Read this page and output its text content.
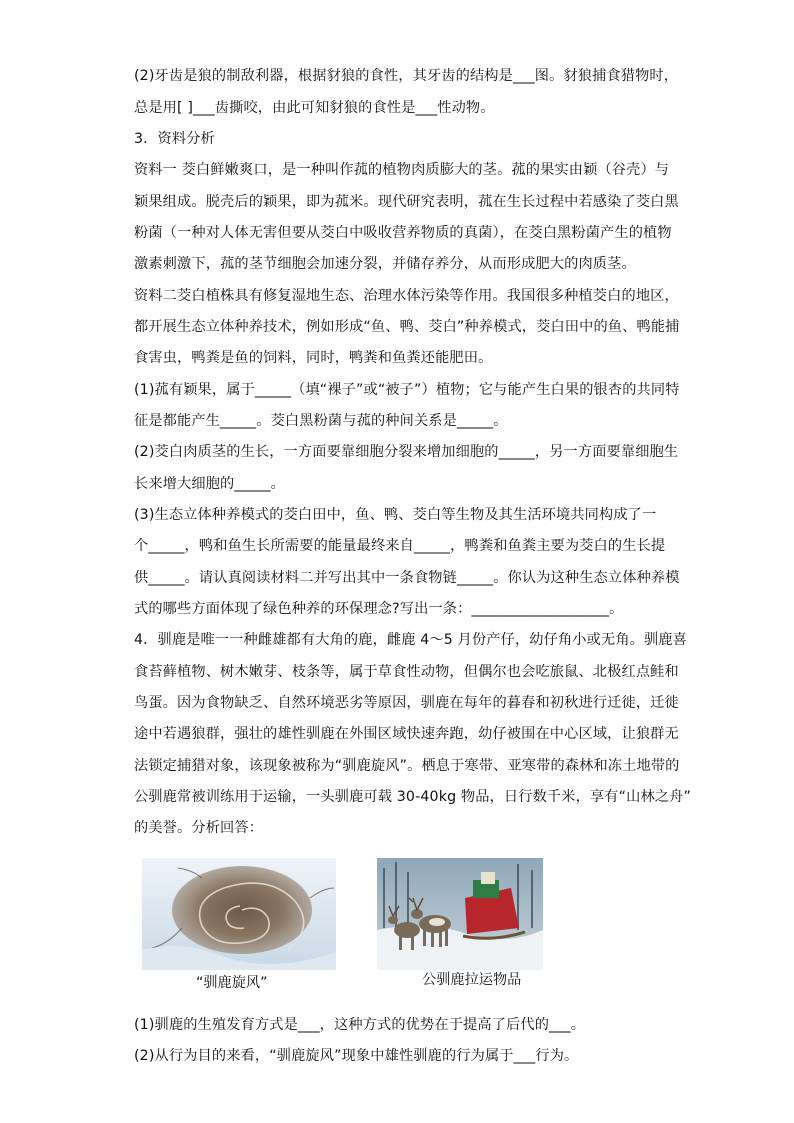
(2)牙齿是狼的制敌利器，根据豺狼的食性，其牙齿的结构是___图。豺狼捕食猎物时，
总是用[ ]___齿撕咬，由此可知豺狼的食性是___性动物。
3．资料分析
资料一 茭白鲜嫩爽口，是一种叫作菰的植物肉质膨大的茎。菰的果实由颖（谷壳）与
颖果组成。脱壳后的颖果，即为菰米。现代研究表明，菰在生长过程中若感染了茭白黑
粉菌（一种对人体无害但要从茭白中吸收营养物质的真菌），在茭白黑粉菌产生的植物
激素刺激下，菰的茎节细胞会加速分裂，并储存养分，从而形成肥大的肉质茎。
资料二茭白植株具有修复湿地生态、治理水体污染等作用。我国很多种植茭白的地区，
都开展生态立体种养技术，例如形成“鱼、鸭、茭白”种养模式，茭白田中的鱼、鸭能捕
食害虫，鸭粪是鱼的饲料，同时，鸭粪和鱼粪还能肥田。
(1)菰有颖果，属于_____（填“裸子”或“被子”）植物；它与能产生白果的银杏的共同特
征是都能产生_____。茭白黑粉菌与菰的种间关系是_____。
(2)茭白肉质茎的生长，一方面要靠细胞分裂来增加细胞的_____，另一方面要靠细胞生
长来增大细胞的_____。
(3)生态立体种养模式的茭白田中，鱼、鸭、茭白等生物及其生活环境共同构成了一
个_____，鸭和鱼生长所需要的能量最终来自_____，鸭粪和鱼粪主要为茭白的生长提
供_____。请认真阅读材料二并写出其中一条食物链_____。你认为这种生态立体种养模
式的哪些方面体现了绿色种养的环保理念?写出一条：___________________。
4．驯鹿是唯一一种雌雄都有大角的鹿，雌鹿 4～5 月份产仔，幼仔角小或无角。驯鹿喜
食苔藓植物、树木嫩芽、枝条等，属于草食性动物，但偶尔也会吃旅鼠、北极红点鲑和
鸟蛋。因为食物缺乏、自然环境恶劣等原因，驯鹿在每年的暮春和初秋进行迁徙，迁徙
途中若遇狼群，强壮的雄性驯鹿在外围区域快速奔跑，幼仔被围在中心区域，让狼群无
法锁定捕猎对象，该现象被称为“驯鹿旋风”。栖息于寒带、亚寒带的森林和冻土地带的
公驯鹿常被训练用于运输，一头驯鹿可载 30-40kg 物品，日行数千米，享有“山林之舟”
的美誉。分析回答：
“驯鹿旋风”	公驯鹿拉运物品
(1)驯鹿的生殖发育方式是___，这种方式的优势在于提高了后代的___。
(2)从行为目的来看，“驯鹿旋风”现象中雄性驯鹿的行为属于___行为。
